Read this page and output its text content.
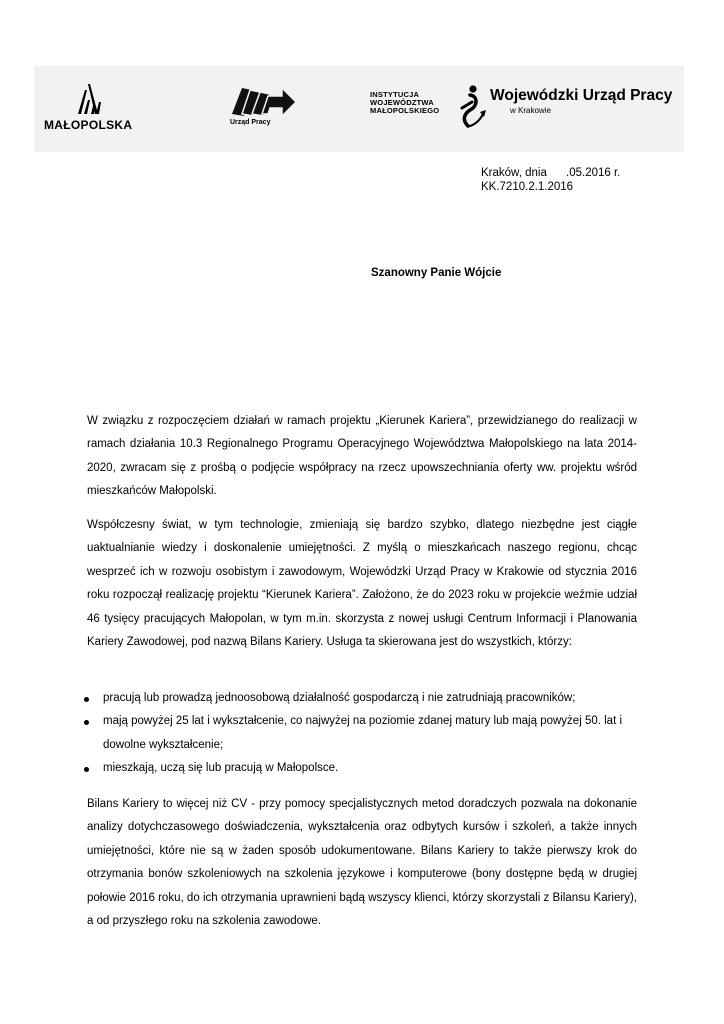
MAŁOPOLSKA	Urząd Pracy
INSTYTUCJA
WOJEWÓDZTWA
MAŁOPOLSKIEGO
Wojewódzki Urząd Pracy
w Krakowie
Kraków, dnia      .05.2016 r.
KK.7210.2.1.2016
Szanowny Panie Wójcie

W związku z rozpoczęciem działań w ramach projektu „Kierunek Kariera”, przewidzianego do realizacji w ramach działania 10.3 Regionalnego Programu Operacyjnego Województwa Małopolskiego na lata 2014-2020, zwracam się z prośbą o podjęcie współpracy na rzecz upowszechniania oferty ww. projektu wśród mieszkańców Małopolski.

Współczesny świat, w tym technologie, zmieniają się bardzo szybko, dlatego niezbędne jest ciągłe uaktualnianie wiedzy i doskonalenie umiejętności. Z myślą o mieszkańcach naszego regionu, chcąc wesprzeć ich w rozwoju osobistym i zawodowym, Wojewódzki Urząd Pracy w Krakowie od stycznia 2016 roku rozpoczął realizację projektu “Kierunek Kariera”. Założono, że do 2023 roku w projekcie weźmie udział 46 tysięcy pracujących Małopolan, w tym m.in. skorzysta z nowej usługi Centrum Informacji i Planowania Kariery Zawodowej, pod nazwą Bilans Kariery. Usługa ta skierowana jest do wszystkich, którzy:

pracują lub prowadzą jednoosobową działalność gospodarczą i nie zatrudniają pracowników;
mają powyżej 25 lat i wykształcenie, co najwyżej na poziomie zdanej matury lub mają powyżej 50. lat i dowolne wykształcenie;
mieszkają, uczą się lub pracują w Małopolsce.

Bilans Kariery to więcej niż CV - przy pomocy specjalistycznych metod doradczych pozwala na dokonanie analizy dotychczasowego doświadczenia, wykształcenia oraz odbytych kursów i szkoleń, a także innych umiejętności, które nie są w żaden sposób udokumentowane. Bilans Kariery to także pierwszy krok do otrzymania bonów szkoleniowych na szkolenia językowe i komputerowe (bony dostępne będą w drugiej połowie 2016 roku, do ich otrzymania uprawnieni bądą wszyscy klienci, którzy skorzystali z Bilansu Kariery), a od przyszłego roku na szkolenia zawodowe.
